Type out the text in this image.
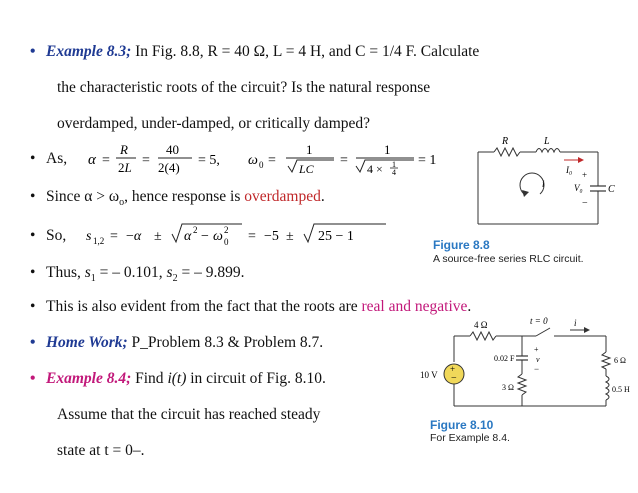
• Example 8.3; In Fig. 8.8, R = 40 Ω, L = 4 H, and C = 1/4 F. Calculate
the characteristic roots of the circuit? Is the natural response
overdamped, under-damped, or critically damped?
• As, α =
R
2L =
40
2(4) = 5, ω 0 =
1
LC
=
1
4 × 1
4
= 1
• Since $\alpha > \omega_o$, hence response is overdamped.
• So, s 1,2 = −α ± α 2 − ω 2
0 = −5 ± 25 − 1
• Thus, $s_1$ = – 0.101, $s_2$ = – 9.899.
• This is also evident from the fact that the roots are real and negative.
• Home Work; P_Problem 8.3 & Problem 8.7.
• Example 8.4; Find i(t) in circuit of Fig. 8.10.
Assume that the circuit has reached steady
state at t = 0–.
R	L
I₀
i
+
V₀
−
C
Figure 8.8
A source-free series RLC circuit.
+
−
4 Ω	t = 0	i
10 V
0.02 F
+
v
−
3 Ω
6 Ω
0.5 H
Figure 8.10
For Example 8.4.
